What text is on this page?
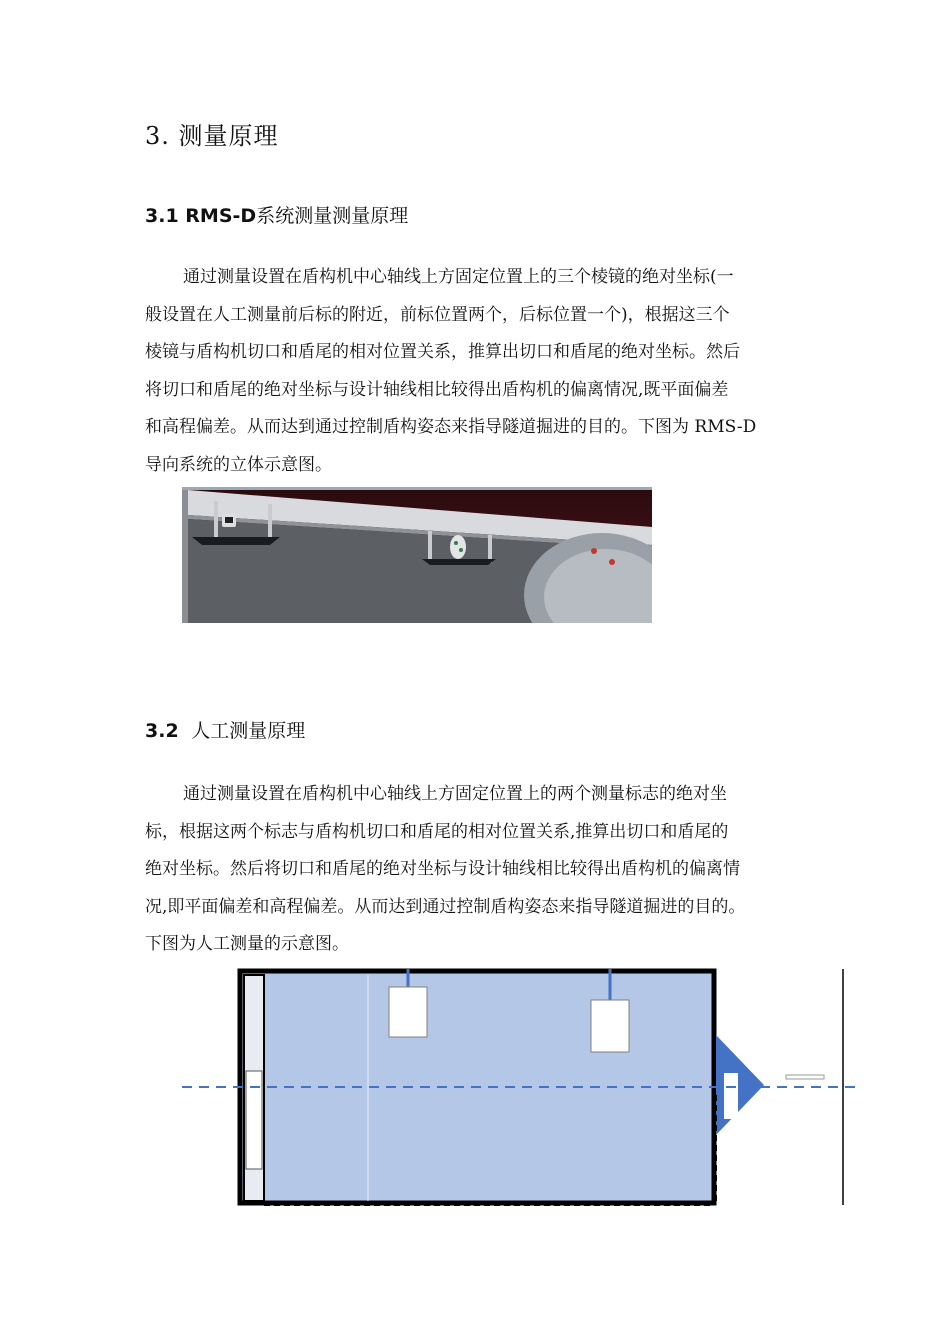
3. 测量原理
3.1 RMS-D系统测量测量原理

通过测量设置在盾构机中心轴线上方固定位置上的三个棱镜的绝对坐标(一

般设置在人工测量前后标的附近，前标位置两个，后标位置一个)，根据这三个

棱镜与盾构机切口和盾尾的相对位置关系，推算出切口和盾尾的绝对坐标。然后

将切口和盾尾的绝对坐标与设计轴线相比较得出盾构机的偏离情况,既平面偏差

和高程偏差。从而达到通过控制盾构姿态来指导隧道掘进的目的。下图为 RMS-D

导向系统的立体示意图。

3.2 人工测量原理

通过测量设置在盾构机中心轴线上方固定位置上的两个测量标志的绝对坐

标，根据这两个标志与盾构机切口和盾尾的相对位置关系,推算出切口和盾尾的

绝对坐标。然后将切口和盾尾的绝对坐标与设计轴线相比较得出盾构机的偏离情

况,即平面偏差和高程偏差。从而达到通过控制盾构姿态来指导隧道掘进的目的。

下图为人工测量的示意图。
